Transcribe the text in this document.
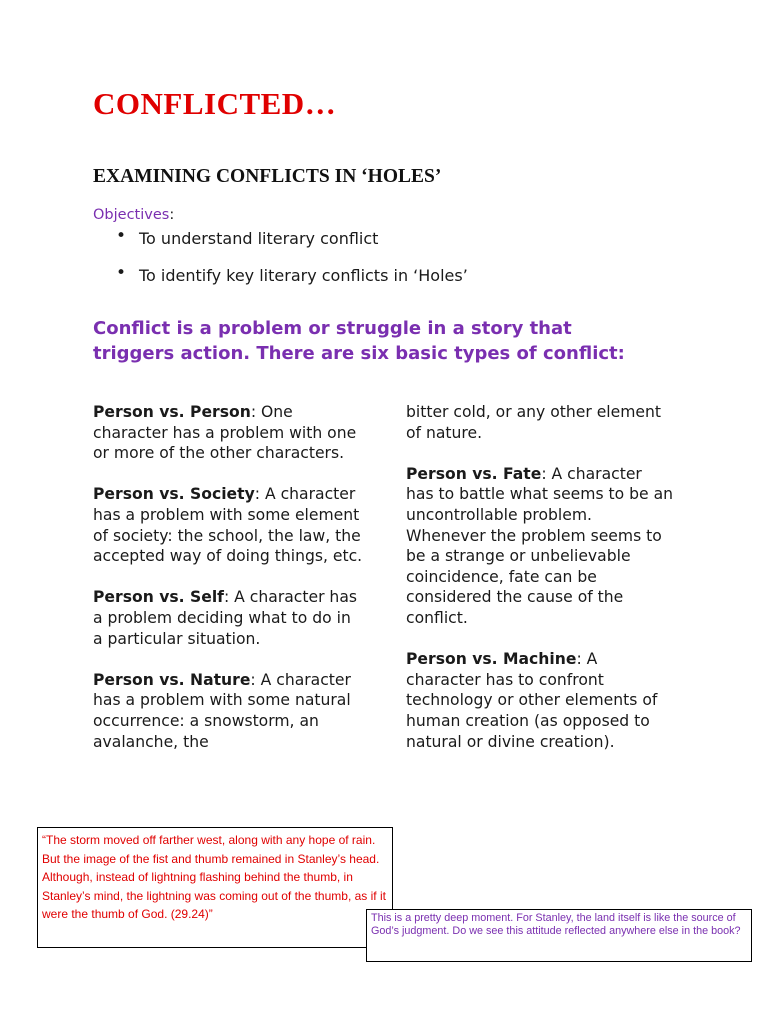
CONFLICTED…
EXAMINING CONFLICTS IN ‘HOLES’
Objectives:
• To understand literary conflict
• To identify key literary conflicts in ‘Holes’
Conflict is a problem or struggle in a story that triggers action. There are six basic types of conflict:

Person vs. Person: One character has a problem with one or more of the other characters.

Person vs. Society: A character has a problem with some element of society: the school, the law, the accepted way of doing things, etc.

Person vs. Self: A character has a problem deciding what to do in a particular situation.

Person vs. Nature: A character has a problem with some natural occurrence: a snowstorm, an avalanche, the

bitter cold, or any other element of nature.

Person vs. Fate: A character has to battle what seems to be an uncontrollable problem. Whenever the problem seems to be a strange or unbelievable coincidence, fate can be considered the cause of the conflict.

Person vs. Machine: A character has to confront technology or other elements of human creation (as opposed to natural or divine creation).

“The storm moved off farther west, along with any hope of rain. But the image of the fist and thumb remained in Stanley’s head. Although, instead of lightning flashing behind the thumb, in Stanley’s mind, the lightning was coming out of the thumb, as if it were the thumb of God. (29.24)”	This is a pretty deep moment. For Stanley, the land itself is like the source of God’s judgment. Do we see this attitude reflected anywhere else in the book?
